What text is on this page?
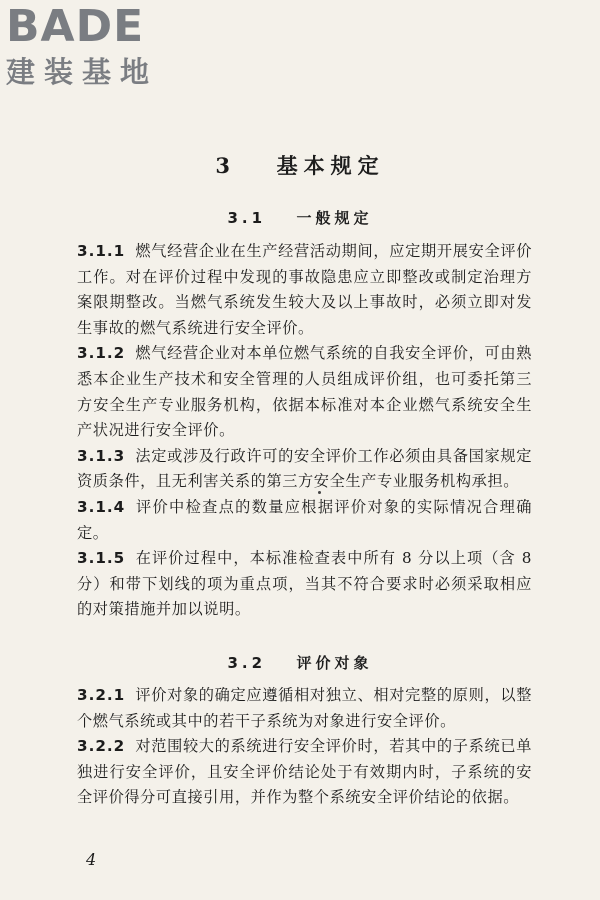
BADE
建装基地
3 基本规定
3.1 一般规定

3.1.1 燃气经营企业在生产经营活动期间，应定期开展安全评价工作。对在评价过程中发现的事故隐患应立即整改或制定治理方案限期整改。当燃气系统发生较大及以上事故时，必须立即对发生事故的燃气系统进行安全评价。

3.1.2 燃气经营企业对本单位燃气系统的自我安全评价，可由熟悉本企业生产技术和安全管理的人员组成评价组，也可委托第三方安全生产专业服务机构，依据本标准对本企业燃气系统安全生产状况进行安全评价。

3.1.3 法定或涉及行政许可的安全评价工作必须由具备国家规定资质条件，且无利害关系的第三方安全生产专业服务机构承担。

3.1.4 评价中检查点的数量应根据评价对象的实际情况合理确定。

3.1.5 在评价过程中，本标准检查表中所有 8 分以上项（含 8 分）和带下划线的项为重点项，当其不符合要求时必须采取相应的对策措施并加以说明。

3.2 评价对象

3.2.1 评价对象的确定应遵循相对独立、相对完整的原则，以整个燃气系统或其中的若干子系统为对象进行安全评价。

3.2.2 对范围较大的系统进行安全评价时，若其中的子系统已单独进行安全评价，且安全评价结论处于有效期内时，子系统的安全评价得分可直接引用，并作为整个系统安全评价结论的依据。

4
